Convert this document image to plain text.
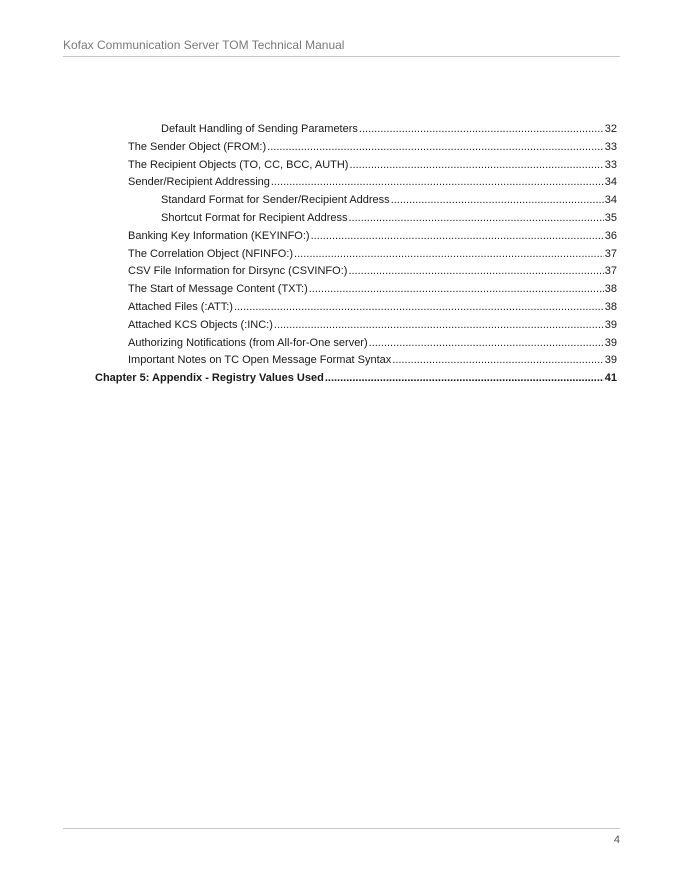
Kofax Communication Server TOM Technical Manual
Default Handling of Sending Parameters .....	32
The Sender Object (FROM:) .....	33
The Recipient Objects (TO, CC, BCC, AUTH) .....	33
Sender/Recipient Addressing .....	34
Standard Format for Sender/Recipient Address .....	34
Shortcut Format for Recipient Address .....	35
Banking Key Information (KEYINFO:) .....	36
The Correlation Object (NFINFO:) .....	37
CSV File Information for Dirsync (CSVINFO:) .....	37
The Start of Message Content (TXT:) .....	38
Attached Files (:ATT:) .....	38
Attached KCS Objects (:INC:) .....	39
Authorizing Notifications (from All-for-One server) .....	39
Important Notes on TC Open Message Format Syntax .....	39
Chapter 5: Appendix - Registry Values Used .....	41
4
